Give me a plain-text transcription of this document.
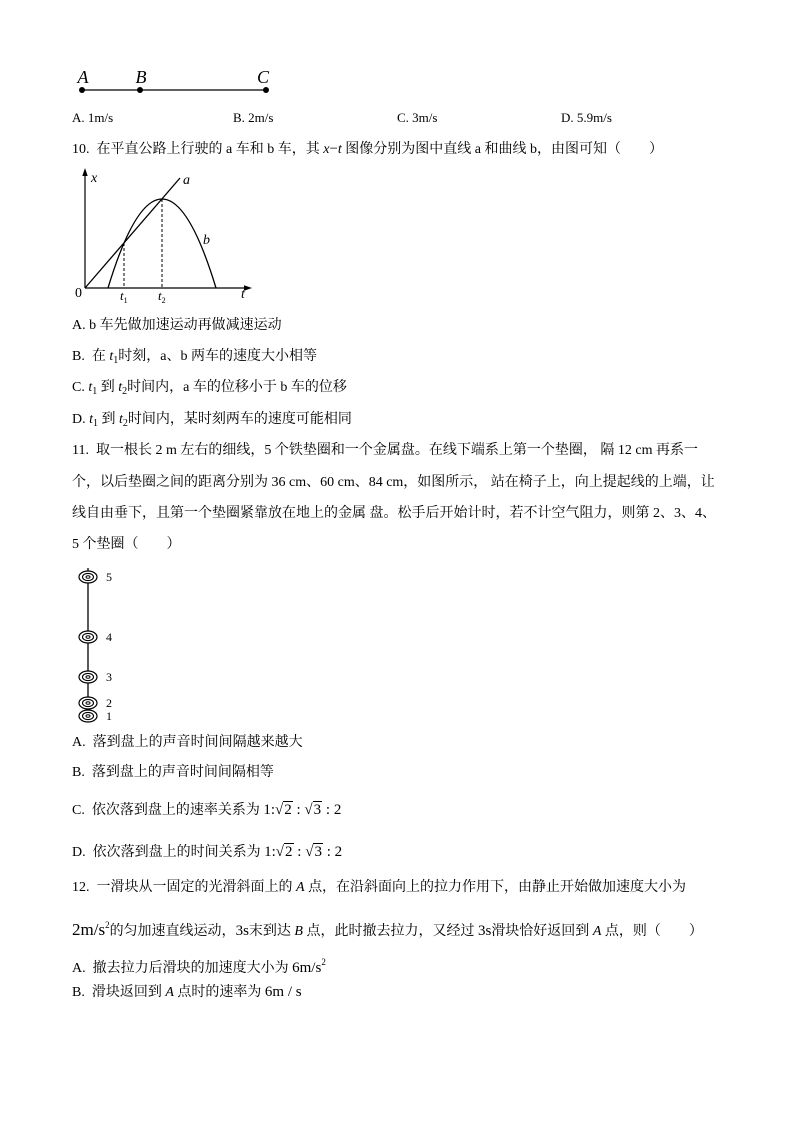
A	B	C
A. 1m/s	B. 2m/s	C. 3m/s	D. 5.9m/s
10.  在平直公路上行驶的 a 车和 b 车，其 x−t 图像分别为图中直线 a 和曲线 b，由图可知（　　）
x	a
b
0	t
$t_1$ $t_2$
A. b 车先做加速运动再做减速运动
B.  在 $t_1$时刻，a、b 两车的速度大小相等
C. $t_1$ 到 $t_2$时间内，a 车的位移小于 b 车的位移
D. $t_1$ 到 $t_2$时间内，某时刻两车的速度可能相同
11.  取一根长 2 m 左右的细线，5 个铁垫圈和一个金属盘。在线下端系上第一个垫圈， 隔 12 cm 再系一
个，以后垫圈之间的距离分别为 36 cm、60 cm、84 cm，如图所示， 站在椅子上，向上提起线的上端，让
线自由垂下，且第一个垫圈紧靠放在地上的金属 盘。松手后开始计时，若不计空气阻力，则第 2、3、4、
5 个垫圈（　　）
5
4
3
2
1
A.  落到盘上的声音时间间隔越来越大
B.  落到盘上的声音时间间隔相等
C.  依次落到盘上的速率关系为 1: √ 2 : √ 3 : 2
D.  依次落到盘上的时间关系为 1: √ 2 : √ 3 : 2
12.  一滑块从一固定的光滑斜面上的 A 点，在沿斜面向上的拉力作用下，由静止开始做加速度大小为
$2m/s^2$的匀加速直线运动，3s末到达 B 点，此时撤去拉力，又经过 3s滑块恰好返回到 A 点，则（　　）
A.  撤去拉力后滑块的加速度大小为 $6m/s^2$
B.  滑块返回到 A 点时的速率为 6m / s
